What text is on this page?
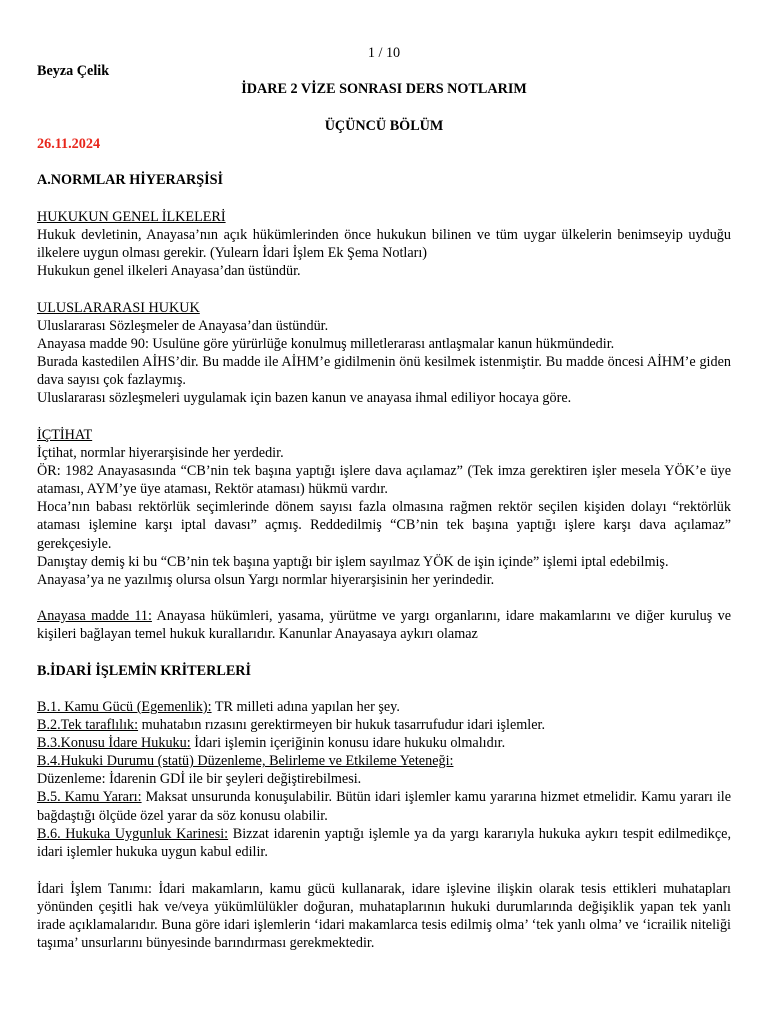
1 / 10
Beyza Çelik
İDARE 2 VİZE SONRASI DERS NOTLARIM
ÜÇÜNCÜ BÖLÜM
26.11.2024
A.NORMLAR HİYERARŞİSİ

HUKUKUN GENEL İLKELERİ

Hukuk devletinin, Anayasa’nın açık hükümlerinden önce hukukun bilinen ve tüm uygar ülkelerin benimseyip uyduğu ilkelere uygun olması gerekir. (Yulearn İdari İşlem Ek Şema Notları)

Hukukun genel ilkeleri Anayasa’dan üstündür.

ULUSLARARASI HUKUK

Uluslararası Sözleşmeler de Anayasa’dan üstündür.

Anayasa madde 90: Usulüne göre yürürlüğe konulmuş milletlerarası antlaşmalar kanun hükmündedir.

Burada kastedilen AİHS’dir. Bu madde ile AİHM’e gidilmenin önü kesilmek istenmiştir. Bu madde öncesi AİHM’e giden dava sayısı çok fazlaymış.

Uluslararası sözleşmeleri uygulamak için bazen kanun ve anayasa ihmal ediliyor hocaya göre.

İÇTİHAT

İçtihat, normlar hiyerarşisinde her yerdedir.

ÖR: 1982 Anayasasında “CB’nin tek başına yaptığı işlere dava açılamaz” (Tek imza gerektiren işler mesela YÖK’e üye ataması, AYM’ye üye ataması, Rektör ataması) hükmü vardır.

Hoca’nın babası rektörlük seçimlerinde dönem sayısı fazla olmasına rağmen rektör seçilen kişiden dolayı “rektörlük ataması işlemine karşı iptal davası” açmış. Reddedilmiş “CB’nin tek başına yaptığı işlere karşı dava açılamaz” gerekçesiyle.

Danıştay demiş ki bu “CB’nin tek başına yaptığı bir işlem sayılmaz YÖK de işin içinde” işlemi iptal edebilmiş.

Anayasa’ya ne yazılmış olursa olsun Yargı normlar hiyerarşisinin her yerindedir.

Anayasa madde 11: Anayasa hükümleri, yasama, yürütme ve yargı organlarını, idare makamlarını ve diğer kuruluş ve kişileri bağlayan temel hukuk kurallarıdır. Kanunlar Anayasaya aykırı olamaz

B.İDARİ İŞLEMİN KRİTERLERİ

B.1. Kamu Gücü (Egemenlik): TR milleti adına yapılan her şey.

B.2.Tek taraflılık: muhatabın rızasını gerektirmeyen bir hukuk tasarrufudur idari işlemler.

B.3.Konusu İdare Hukuku: İdari işlemin içeriğinin konusu idare hukuku olmalıdır.

B.4.Hukuki Durumu (statü) Düzenleme, Belirleme ve Etkileme Yeteneği:

Düzenleme: İdarenin GDİ ile bir şeyleri değiştirebilmesi.

B.5. Kamu Yararı: Maksat unsurunda konuşulabilir. Bütün idari işlemler kamu yararına hizmet etmelidir. Kamu yararı ile bağdaştığı ölçüde özel yarar da söz konusu olabilir.

B.6. Hukuka Uygunluk Karinesi: Bizzat idarenin yaptığı işlemle ya da yargı kararıyla hukuka aykırı tespit edilmedikçe, idari işlemler hukuka uygun kabul edilir.

İdari İşlem Tanımı: İdari makamların, kamu gücü kullanarak, idare işlevine ilişkin olarak tesis ettikleri muhatapları yönünden çeşitli hak ve/veya yükümlülükler doğuran, muhataplarının hukuki durumlarında değişiklik yapan tek yanlı irade açıklamalarıdır. Buna göre idari işlemlerin ‘idari makamlarca tesis edilmiş olma’ ‘tek yanlı olma’ ve ‘icrailik niteliği taşıma’ unsurlarını bünyesinde barındırması gerekmektedir.
